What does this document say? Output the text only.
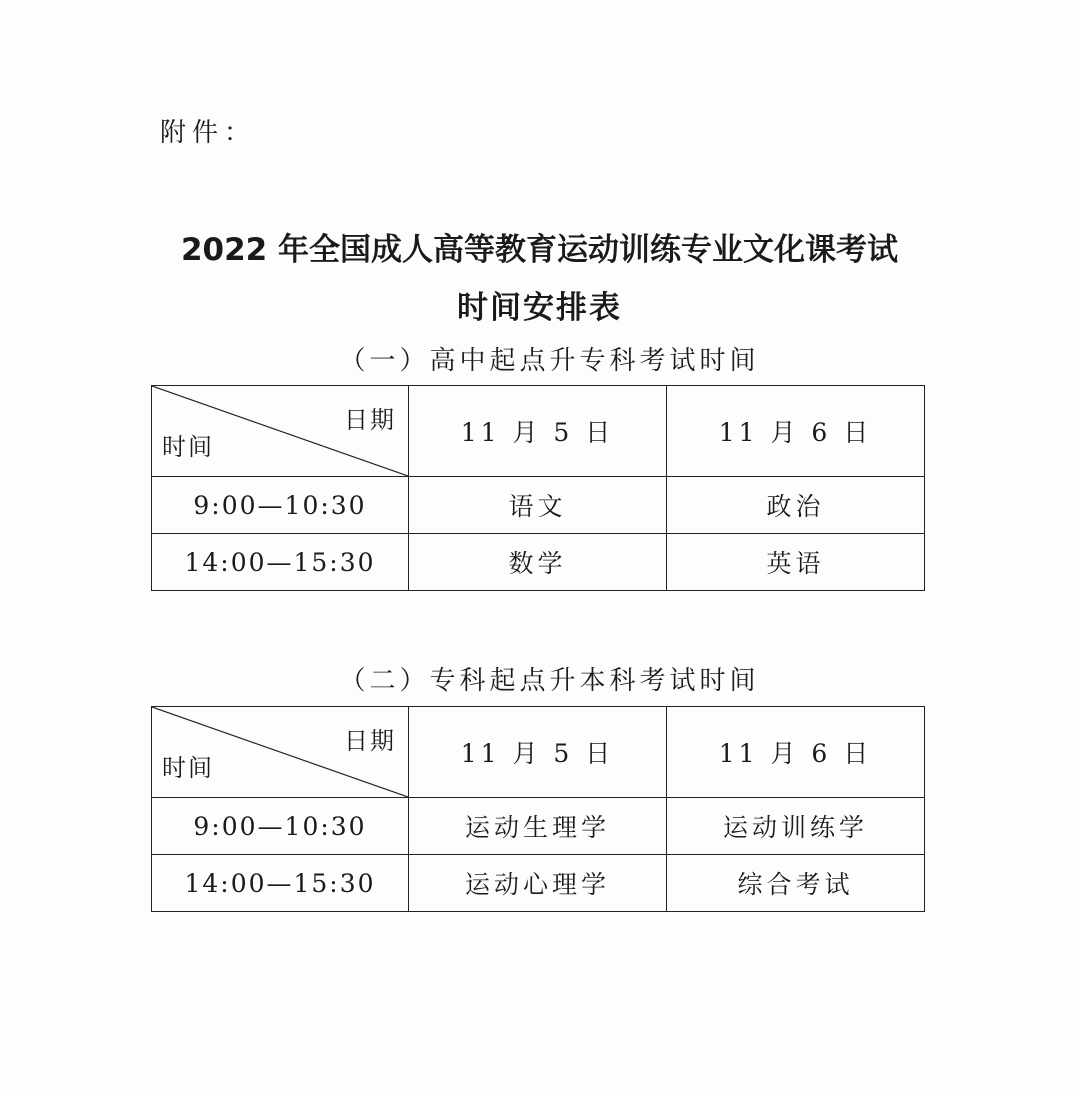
附件：
2022 年全国成人高等教育运动训练专业文化课考试
时间安排表
（一）高中起点升专科考试时间
日期
时间	11 月 5 日	11 月 6 日
9:00—10:30	语文	政治
14:00—15:30	数学	英语
（二）专科起点升本科考试时间
日期
时间	11 月 5 日	11 月 6 日
9:00—10:30	运动生理学	运动训练学
14:00—15:30	运动心理学	综合考试
